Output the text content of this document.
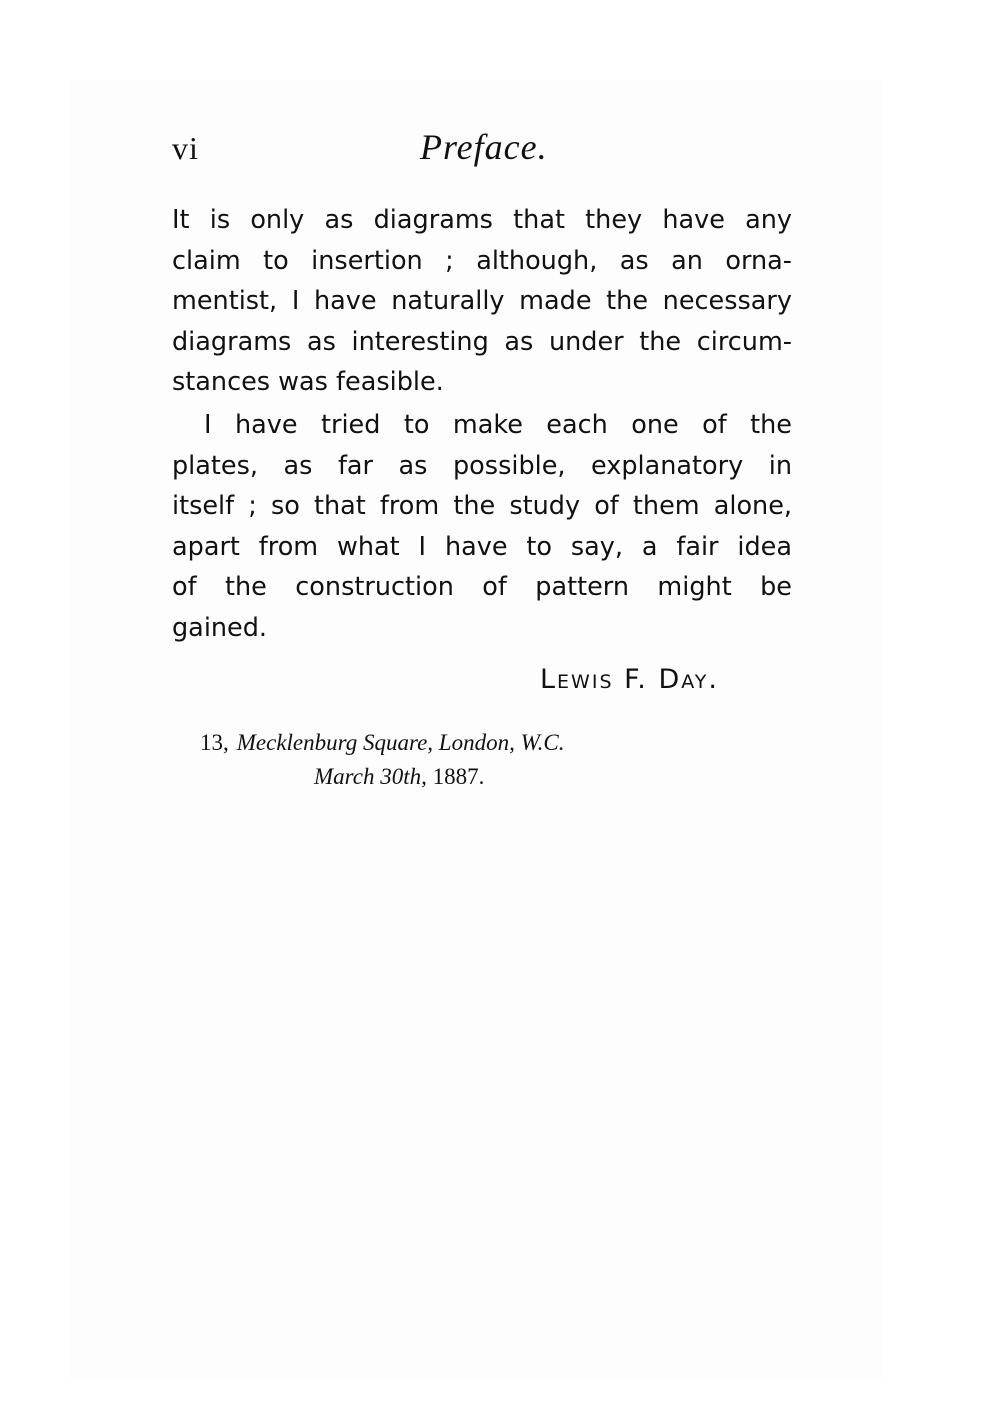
vi	Preface.
It is only as diagrams that they have any
claim to insertion ; although, as an orna-
mentist, I have naturally made the necessary
diagrams as interesting as under the circum-
stances was feasible.
I have tried to make each one of the
plates, as far as possible, explanatory in
itself ; so that from the study of them alone,
apart from what I have to say, a fair idea
of the construction of pattern might be
gained.
Lewis F. Day.
13, Mecklenburg Square, London, W.C.
March 30th, 1887.
